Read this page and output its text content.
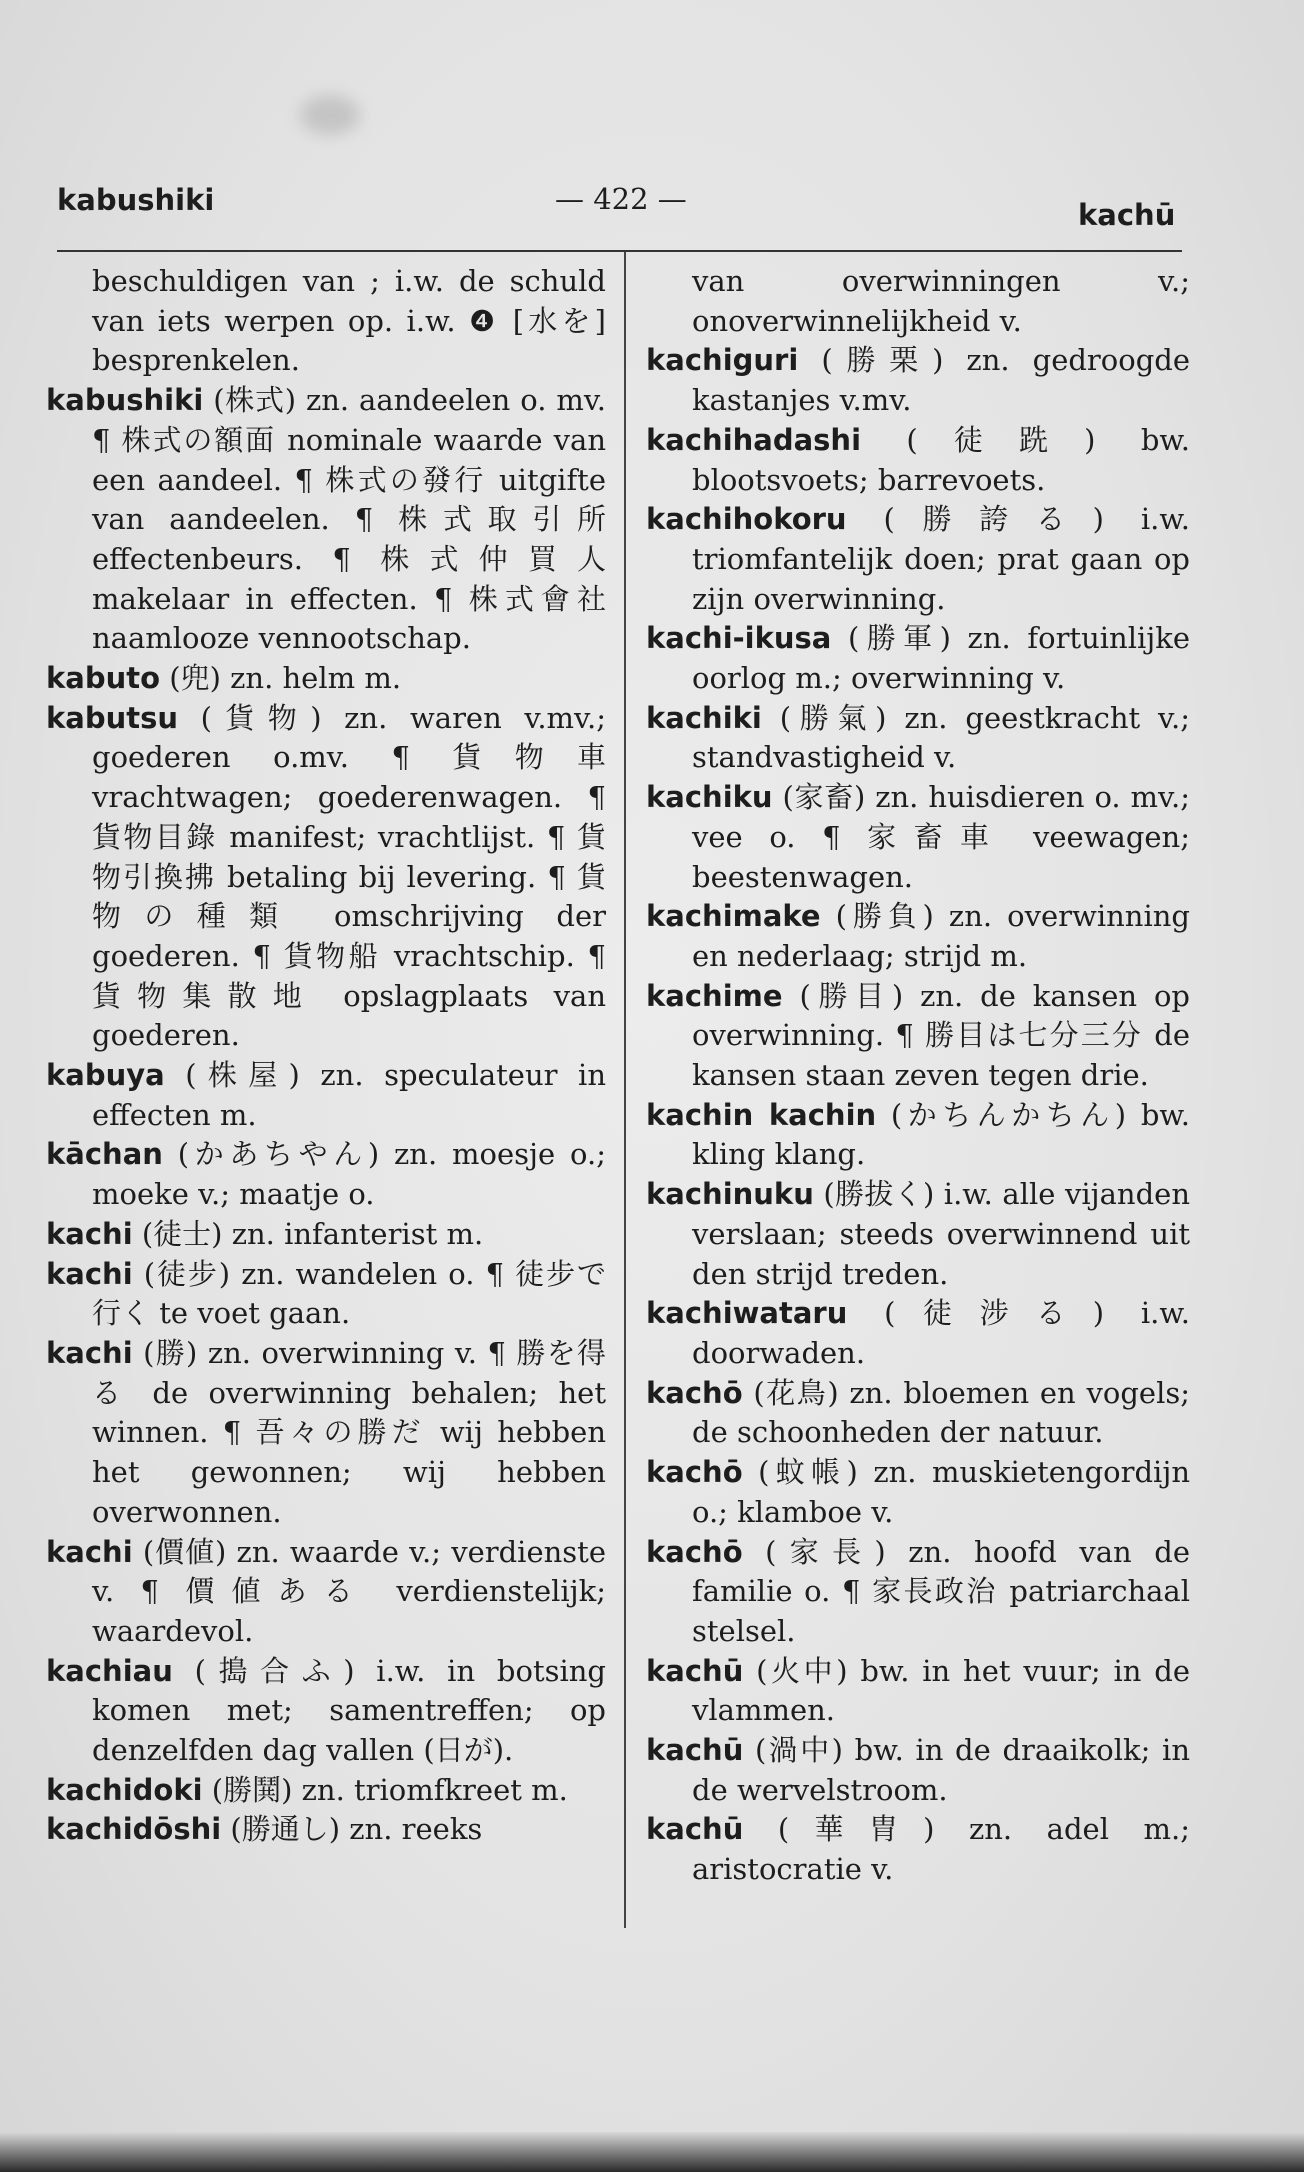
kabushiki	— 422 —	kachū
beschuldigen van ; i.w. de schuld van iets werpen op. i.w. ❹ [水を] besprenkelen.
kabushiki (株式) zn. aandeelen o. mv. ¶ 株式の額面 nominale waarde van een aandeel. ¶ 株式の發行 uitgifte van aandeelen. ¶ 株式取引所 effectenbeurs. ¶ 株式仲買人 makelaar in effecten. ¶ 株式會社 naamlooze vennootschap.
kabuto (兜) zn. helm m.
kabutsu (貨物) zn. waren v.mv.; goederen o.mv. ¶ 貨物車 vrachtwagen; goederenwagen. ¶ 貨物目錄 manifest; vrachtlijst. ¶ 貨物引換拂 betaling bij levering. ¶ 貨物の種類 omschrijving der goederen. ¶ 貨物船 vrachtschip. ¶ 貨物集散地 opslagplaats van goederen.
kabuya (株屋) zn. speculateur in effecten m.
kāchan (かあちやん) zn. moesje o.; moeke v.; maatje o.
kachi (徒士) zn. infanterist m.
kachi (徒步) zn. wandelen o. ¶ 徒步で行く te voet gaan.
kachi (勝) zn. overwinning v. ¶ 勝を得る de overwinning behalen; het winnen. ¶ 吾々の勝だ wij hebben het gewonnen; wij hebben overwonnen.
kachi (價値) zn. waarde v.; verdienste v. ¶ 價値ある verdienstelijk; waardevol.
kachiau (搗合ふ) i.w. in botsing komen met; samentreffen; op denzelfden dag vallen (日が).
kachidoki (勝鬨) zn. triomfkreet m.
kachidōshi (勝通し) zn. reeks
van overwinningen v.; onoverwinnelijkheid v.
kachiguri (勝栗) zn. gedroogde kastanjes v.mv.
kachihadashi (徒跣) bw. blootsvoets; barrevoets.
kachihokoru (勝誇る) i.w. triomfantelijk doen; prat gaan op zijn overwinning.
kachi-ikusa (勝軍) zn. fortuinlijke oorlog m.; overwinning v.
kachiki (勝氣) zn. geestkracht v.; standvastigheid v.
kachiku (家畜) zn. huisdieren o. mv.; vee o. ¶ 家畜車 veewagen; beestenwagen.
kachimake (勝負) zn. overwinning en nederlaag; strijd m.
kachime (勝目) zn. de kansen op overwinning. ¶ 勝目は七分三分 de kansen staan zeven tegen drie.
kachin kachin (かちんかちん) bw. kling klang.
kachinuku (勝拔く) i.w. alle vijanden verslaan; steeds overwinnend uit den strijd treden.
kachiwataru (徒涉る) i.w. doorwaden.
kachō (花鳥) zn. bloemen en vogels; de schoonheden der natuur.
kachō (蚊帳) zn. muskietengordijn o.; klamboe v.
kachō (家長) zn. hoofd van de familie o. ¶ 家長政治 patriarchaal stelsel.
kachū (火中) bw. in het vuur; in de vlammen.
kachū (渦中) bw. in de draaikolk; in de wervelstroom.
kachū (華胄) zn. adel m.; aristocratie v.
